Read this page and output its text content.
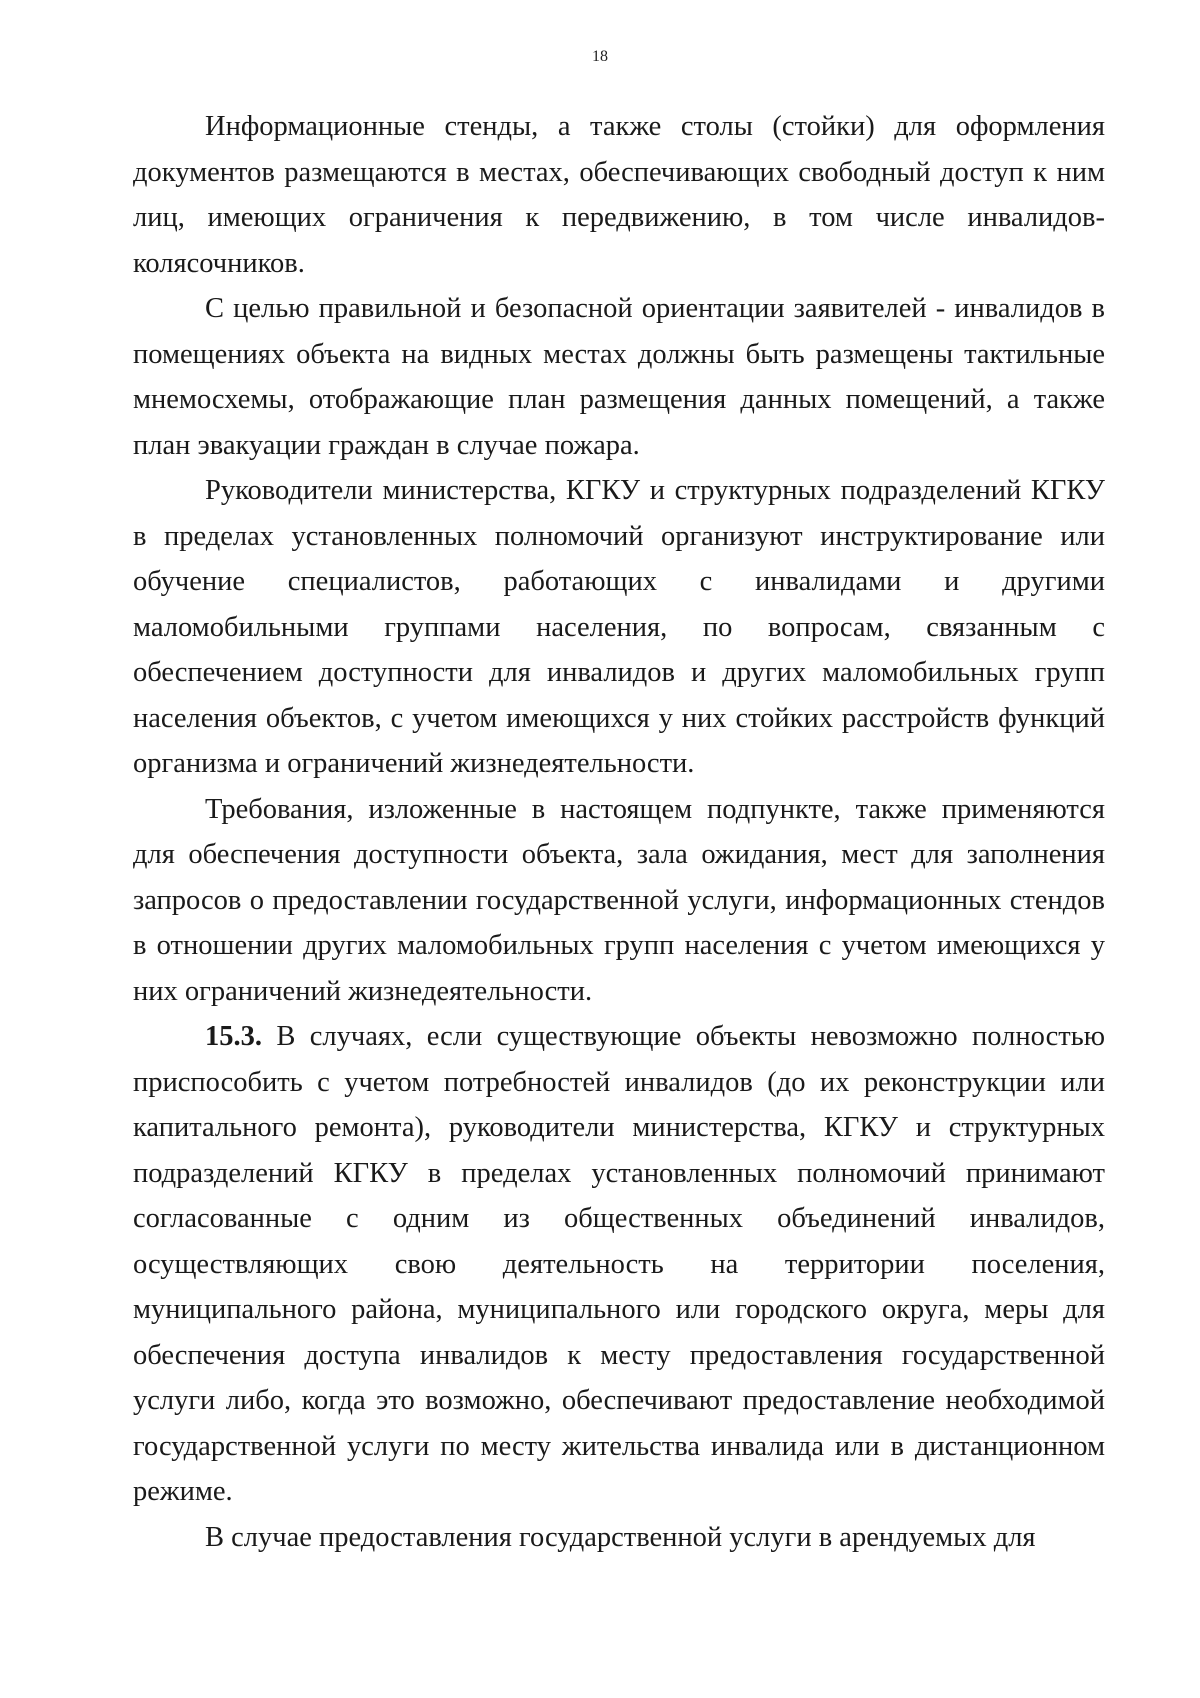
18

Информационные стенды, а также столы (стойки) для оформления документов размещаются в местах, обеспечивающих свободный доступ к ним лиц, имеющих ограничения к передвижению, в том числе инвалидов-колясочников.

С целью правильной и безопасной ориентации заявителей - инвалидов в помещениях объекта на видных местах должны быть размещены тактильные мнемосхемы, отображающие план размещения данных помещений, а также план эвакуации граждан в случае пожара.

Руководители министерства, КГКУ и структурных подразделений КГКУ в пределах установленных полномочий организуют инструктирование или обучение специалистов, работающих с инвалидами и другими маломобильными группами населения, по вопросам, связанным с обеспечением доступности для инвалидов и других маломобильных групп населения объектов, с учетом имеющихся у них стойких расстройств функций организма и ограничений жизнедеятельности.

Требования, изложенные в настоящем подпункте, также применяются для обеспечения доступности объекта, зала ожидания, мест для заполнения запросов о предоставлении государственной услуги, информационных стендов в отношении других маломобильных групп населения с учетом имеющихся у них ограничений жизнедеятельности.

15.3. В случаях, если существующие объекты невозможно полностью приспособить с учетом потребностей инвалидов (до их реконструкции или капитального ремонта), руководители министерства, КГКУ и структурных подразделений КГКУ в пределах установленных полномочий принимают согласованные с одним из общественных объединений инвалидов, осуществляющих свою деятельность на территории поселения, муниципального района, муниципального или городского округа, меры для обеспечения доступа инвалидов к месту предоставления государственной услуги либо, когда это возможно, обеспечивают предоставление необходимой государственной услуги по месту жительства инвалида или в дистанционном режиме.

В случае предоставления государственной услуги в арендуемых для
